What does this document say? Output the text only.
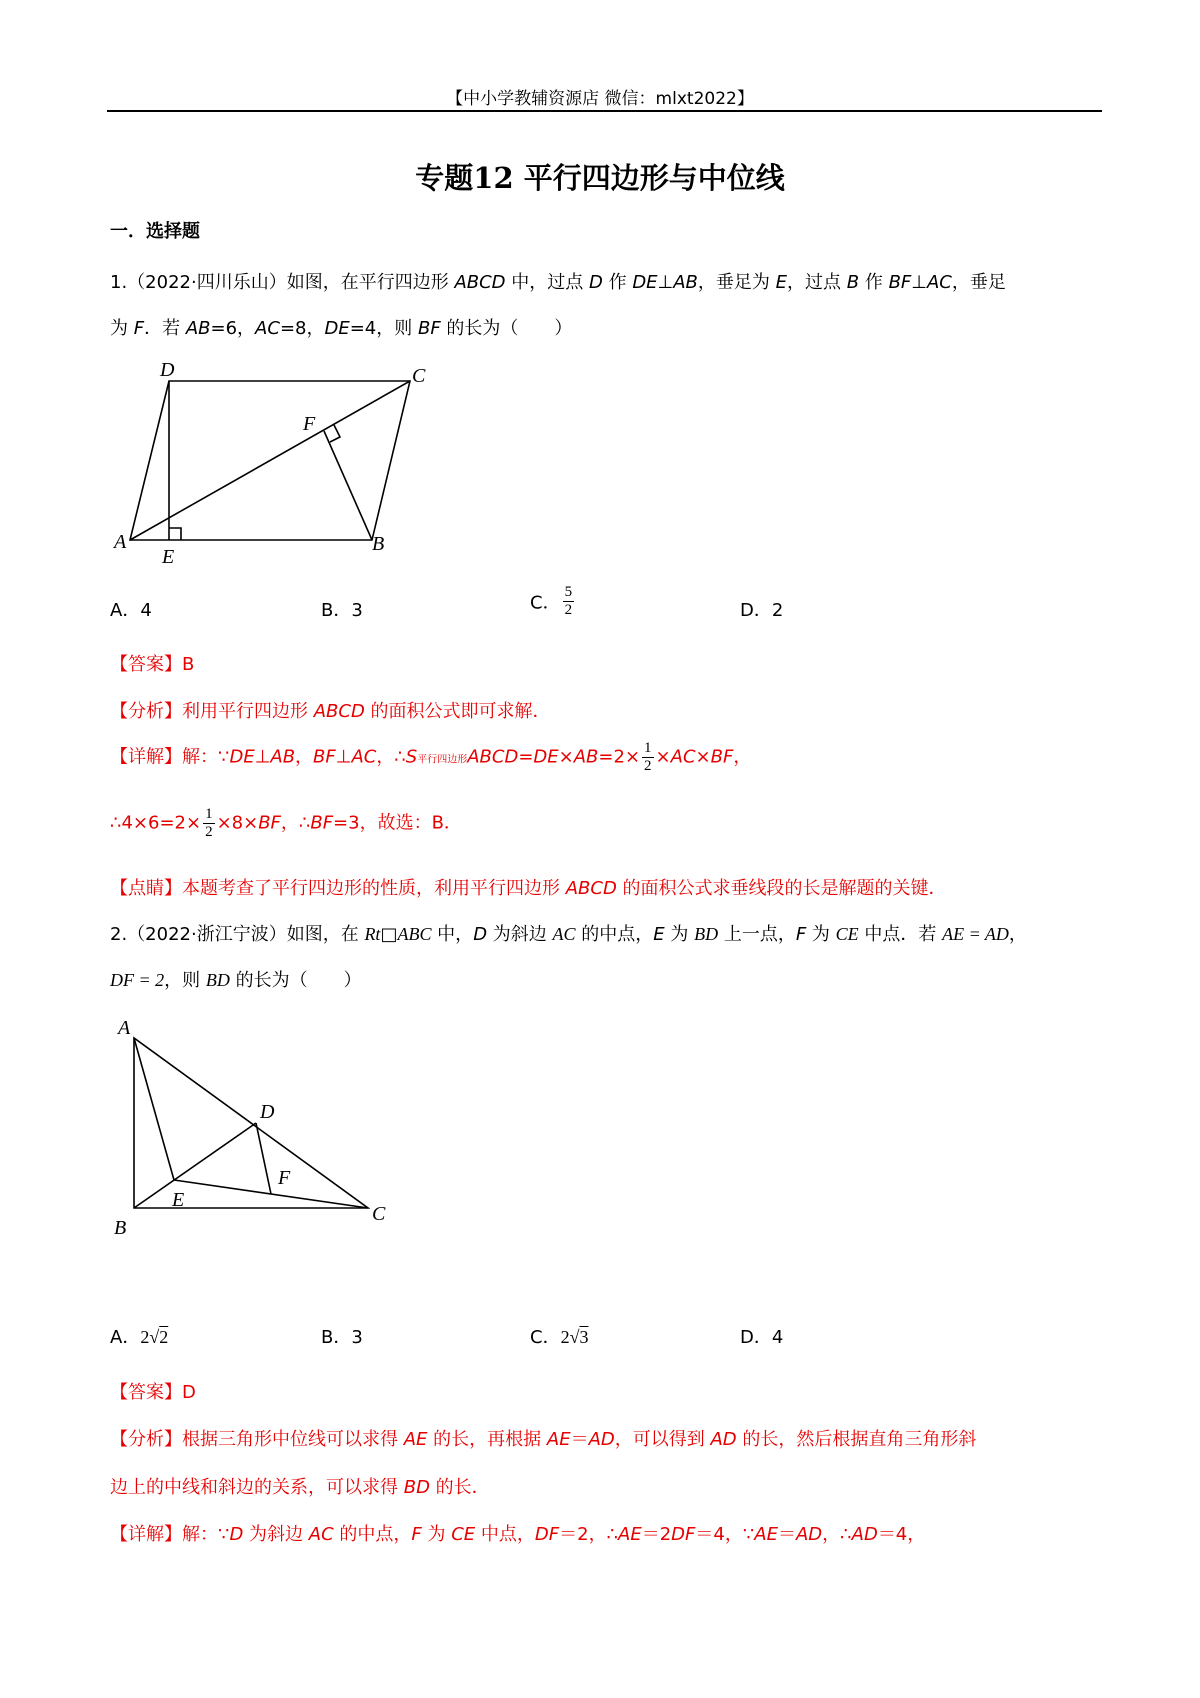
【中小学教辅资源店 微信：mlxt2022】
专题12 平行四边形与中位线
一．选择题
1.（2022·四川乐山）如图，在平行四边形 ABCD 中，过点 D 作 DE⊥AB，垂足为 E，过点 B 作 BF⊥AC，垂足
为 F．若 AB=6，AC=8，DE=4，则 BF 的长为（　　）
A	B
C
D
E
F
A．4	B．3	C． $\frac{5}{2}$	D．2
【答案】B
【分析】利用平行四边形 ABCD 的面积公式即可求解．
【详解】解：∵DE⊥AB，BF⊥AC，∴S平行四边形ABCD=DE×AB=2× $\frac{1}{2} \times AC\times BF$，
∴4×6=2× $\frac{1}{2} \times 8\times BF$，∴BF=3，故选：B．
【点睛】本题考查了平行四边形的性质，利用平行四边形 ABCD 的面积公式求垂线段的长是解题的关键．
2.（2022·浙江宁波）如图，在 Rt□ABC 中，D 为斜边 AC 的中点，E 为 BD 上一点，F 为 CE 中点．若 AE = AD，
DF = 2，则 BD 的长为（　　）
A
B
C
D
E
F
A．2√2	B．3	C．2√3	D．4
【答案】D
【分析】根据三角形中位线可以求得 AE 的长，再根据 AE＝AD，可以得到 AD 的长，然后根据直角三角形斜
边上的中线和斜边的关系，可以求得 BD 的长．
【详解】解：∵D 为斜边 AC 的中点，F 为 CE 中点，DF＝2，∴AE＝2DF＝4，∵AE＝AD，∴AD＝4，
